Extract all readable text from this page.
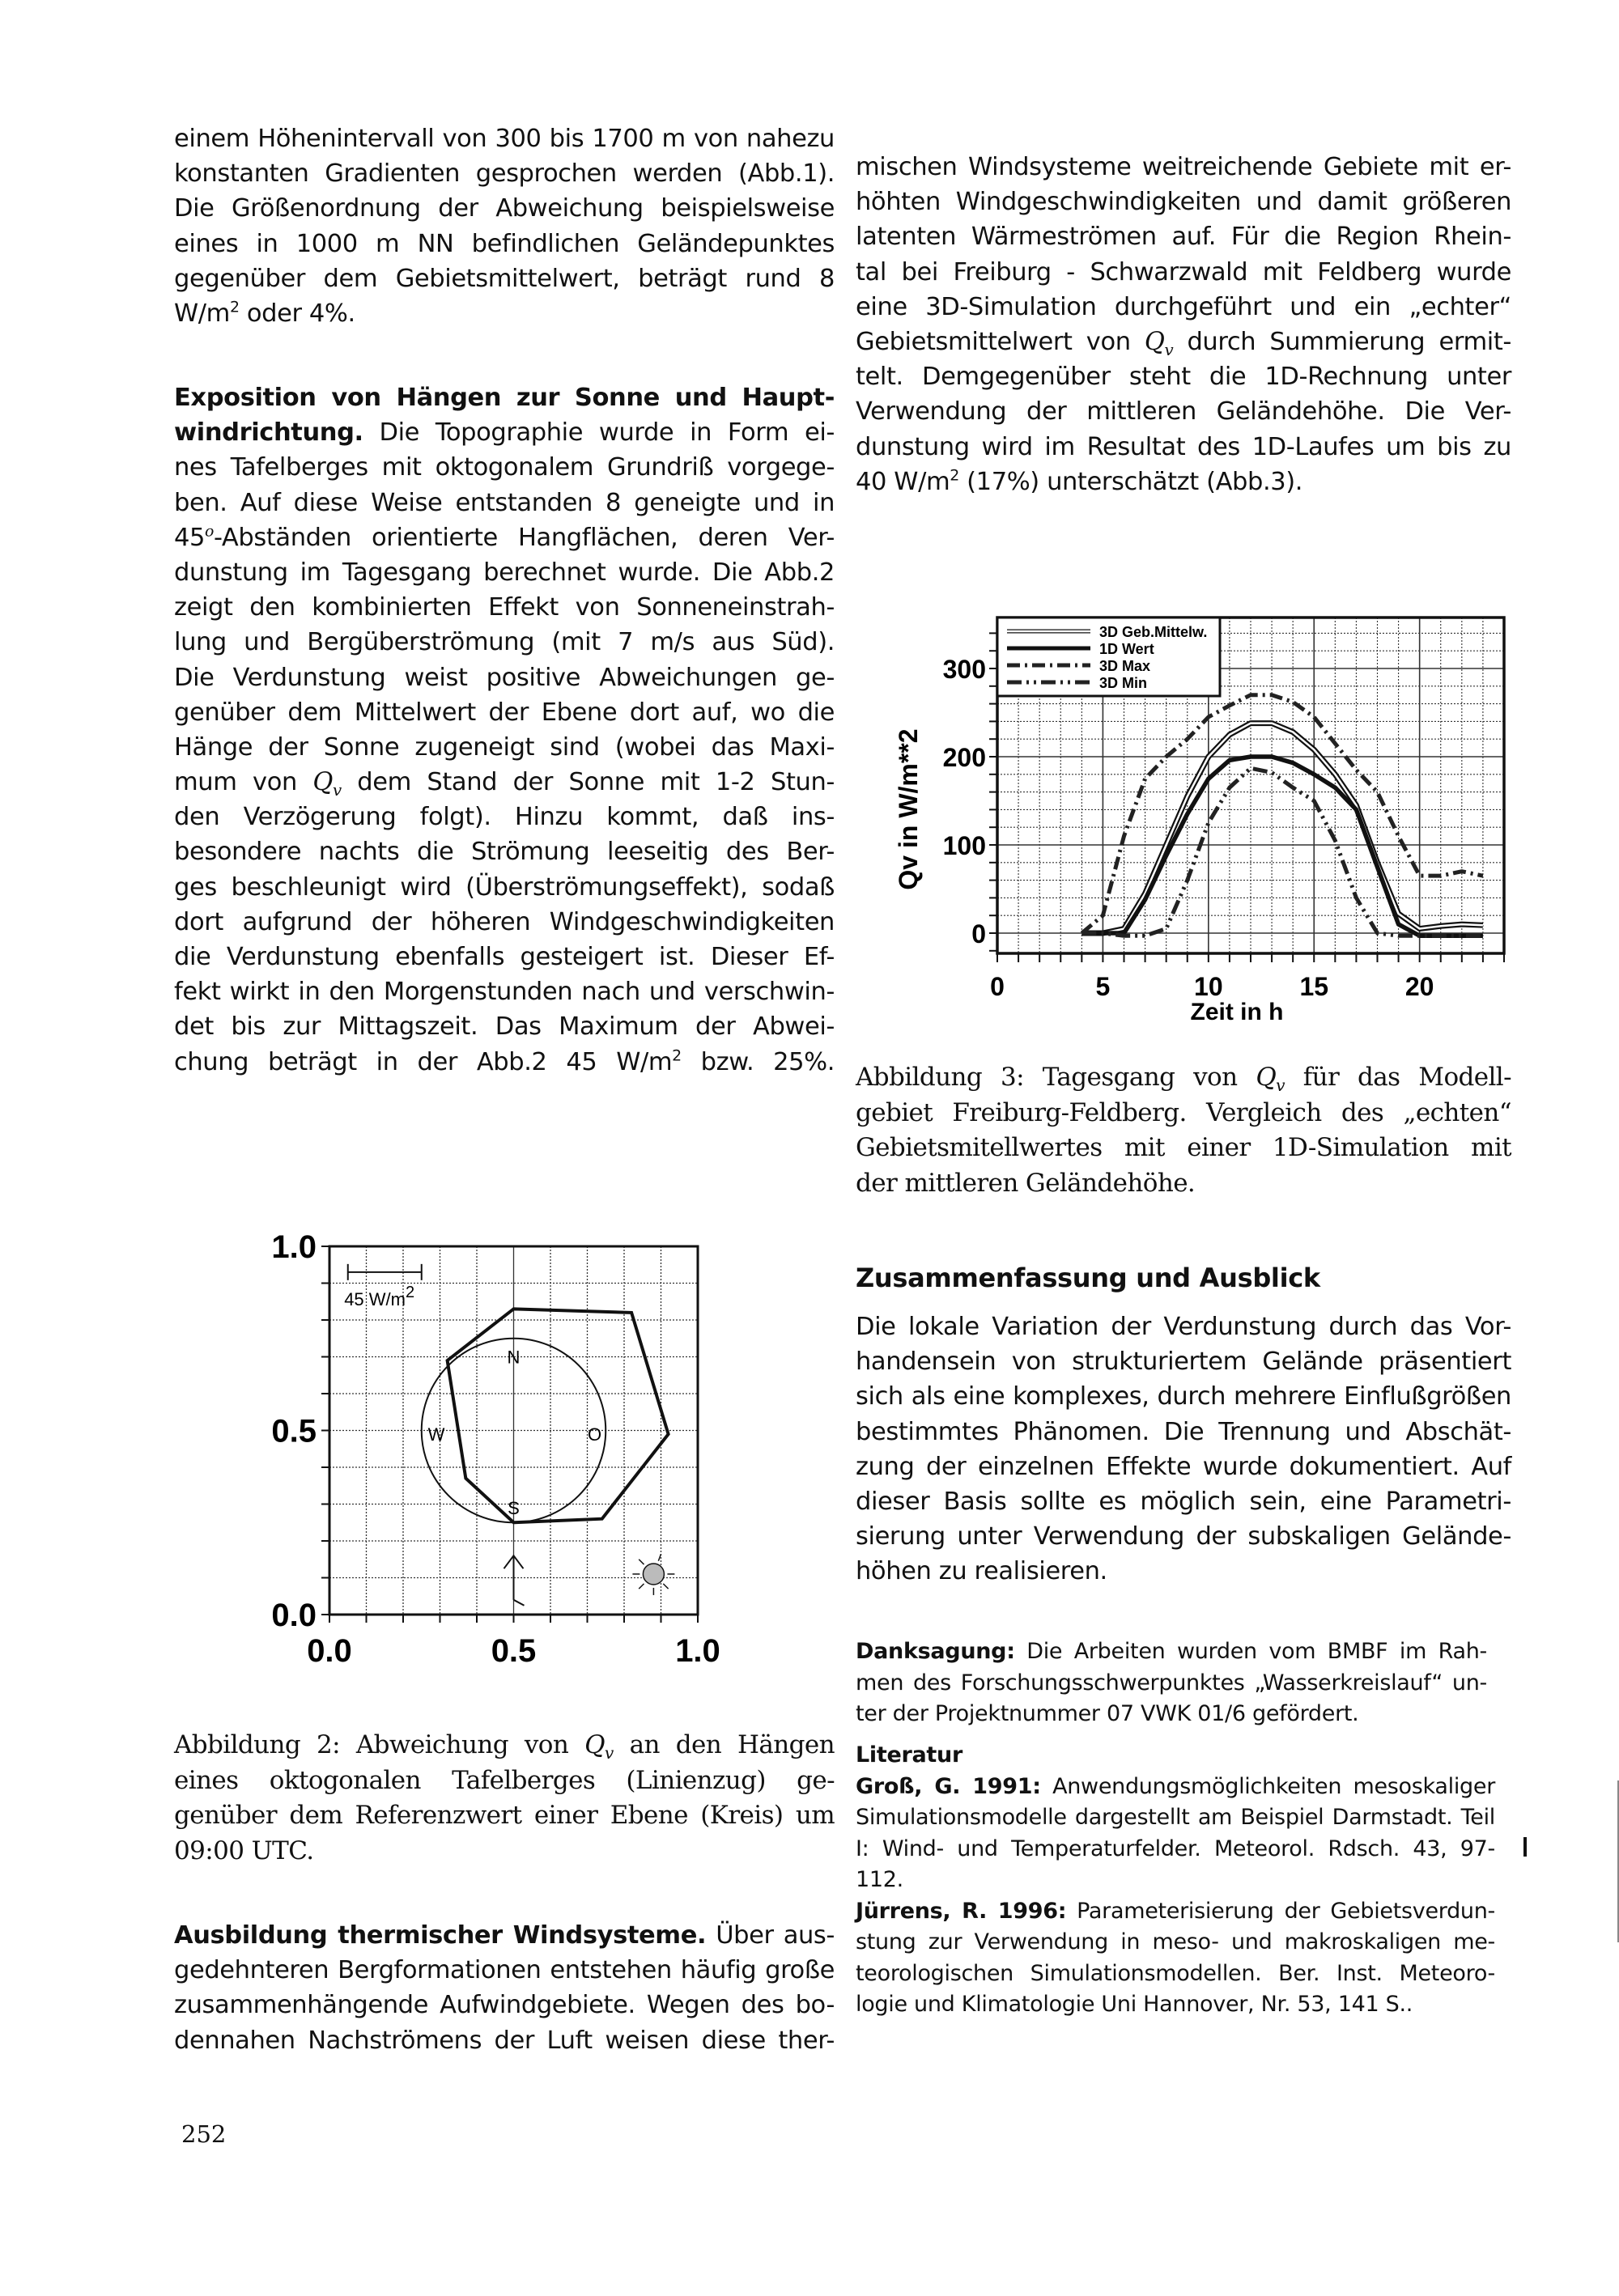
einem Höhenintervall von 300 bis 1700 m von nahezu
konstanten Gradienten gesprochen werden (Abb.1).
Die Größenordnung der Abweichung beispielsweise
eines in 1000 m NN befindlichen Geländepunktes
gegenüber dem Gebietsmittelwert, beträgt rund 8
$W/m^2$ oder 4%.
Exposition von Hängen zur Sonne und Haupt-
windrichtung. Die Topographie wurde in Form ei-
nes Tafelberges mit oktogonalem Grundriß vorgege-
ben. Auf diese Weise entstanden 8 geneigte und in
45$^o$-Abständen orientierte Hangflächen, deren Ver-
dunstung im Tagesgang berechnet wurde. Die Abb.2
zeigt den kombinierten Effekt von Sonneneinstrah-
lung und Bergüberströmung (mit 7 m/s aus Süd).
Die Verdunstung weist positive Abweichungen ge-
genüber dem Mittelwert der Ebene dort auf, wo die
Hänge der Sonne zugeneigt sind (wobei das Maxi-
mum von $Q_v$ dem Stand der Sonne mit 1-2 Stun-
den Verzögerung folgt). Hinzu kommt, daß ins-
besondere nachts die Strömung leeseitig des Ber-
ges beschleunigt wird (Überströmungseffekt), sodaß
dort aufgrund der höheren Windgeschwindigkeiten
die Verdunstung ebenfalls gesteigert ist. Dieser Ef-
fekt wirkt in den Morgenstunden nach und verschwin-
det bis zur Mittagszeit. Das Maximum der Abwei-
chung beträgt in der Abb.2 45 $W/m^2$ bzw. 25%.
0.0
0.0
0.5
0.5
1.0
1.0
45 W/m2
N
W	O
S
Abbildung 2: Abweichung von $Q_v$ an den Hängen
eines oktogonalen Tafelberges (Linienzug) ge-
genüber dem Referenzwert einer Ebene (Kreis) um
09:00 UTC.
Ausbildung thermischer Windsysteme. Über aus-
gedehnteren Bergformationen entstehen häufig große
zusammenhängende Aufwindgebiete. Wegen des bo-
dennahen Nachströmens der Luft weisen diese ther-
252
mischen Windsysteme weitreichende Gebiete mit er-
höhten Windgeschwindigkeiten und damit größeren
latenten Wärmeströmen auf. Für die Region Rhein-
tal bei Freiburg - Schwarzwald mit Feldberg wurde
eine 3D-Simulation durchgeführt und ein „echter“
Gebietsmittelwert von $Q_v$ durch Summierung ermit-
telt. Demgegenüber steht die 1D-Rechnung unter
Verwendung der mittleren Geländehöhe. Die Ver-
dunstung wird im Resultat des 1D-Laufes um bis zu
40 $W/m^2$ (17%) unterschätzt (Abb.3).
0	5	10	15	20
0
100
200
300
3D Geb.Mittelw.
1D Wert
3D Max
3D Min
Qv in W/m**2
Zeit in h
Abbildung 3: Tagesgang von $Q_v$ für das Modell-
gebiet Freiburg-Feldberg. Vergleich des „echten“
Gebietsmitellwertes mit einer 1D-Simulation mit
der mittleren Geländehöhe.
Zusammenfassung und Ausblick
Die lokale Variation der Verdunstung durch das Vor-
handensein von strukturiertem Gelände präsentiert
sich als eine komplexes, durch mehrere Einflußgrößen
bestimmtes Phänomen. Die Trennung und Abschät-
zung der einzelnen Effekte wurde dokumentiert. Auf
dieser Basis sollte es möglich sein, eine Parametri-
sierung unter Verwendung der subskaligen Gelände-
höhen zu realisieren.
Danksagung: Die Arbeiten wurden vom BMBF im Rah-
men des Forschungsschwerpunktes „Wasserkreislauf“ un-
ter der Projektnummer 07 VWK 01/6 gefördert.
Literatur
Groß, G. 1991: Anwendungsmöglichkeiten mesoskaliger
Simulationsmodelle dargestellt am Beispiel Darmstadt. Teil
I: Wind- und Temperaturfelder. Meteorol. Rdsch. 43, 97-
112.
Jürrens, R. 1996: Parameterisierung der Gebietsverdun-
stung zur Verwendung in meso- und makroskaligen me-
teorologischen Simulationsmodellen. Ber. Inst. Meteoro-
logie und Klimatologie Uni Hannover, Nr. 53, 141 S..
